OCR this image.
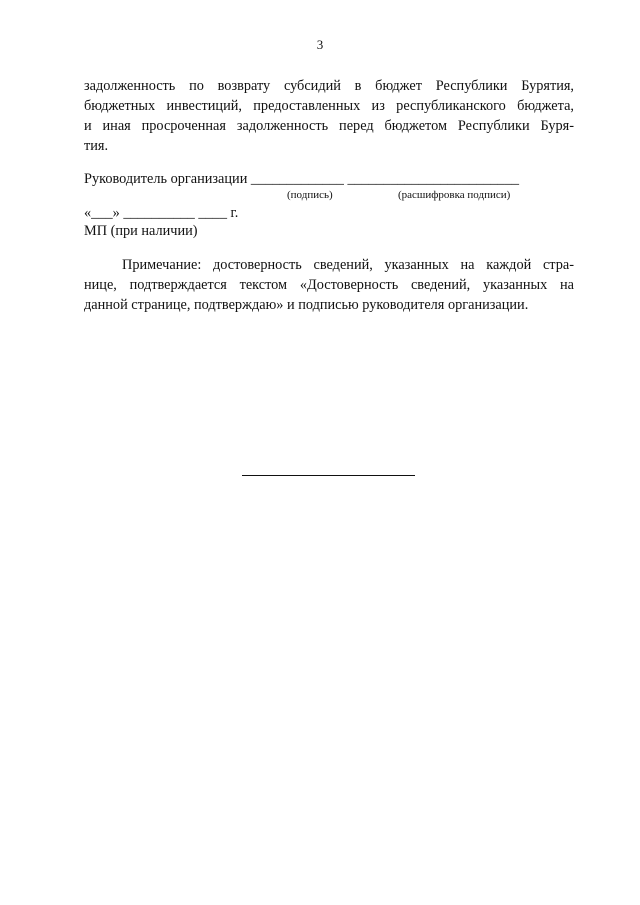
3
задолженность по возврату субсидий в бюджет Республики Бурятия,
бюджетных инвестиций, предоставленных из республиканского бюджета,
и иная просроченная задолженность перед бюджетом Республики Буря-
тия.
Руководитель организации _____________ ________________________
(подпись)	(расшифровка подписи)
«___» __________ ____ г.
МП (при наличии)
Примечание: достоверность сведений, указанных на каждой стра-
нице, подтверждается текстом «Достоверность сведений, указанных на
данной странице, подтверждаю» и подписью руководителя организации.
